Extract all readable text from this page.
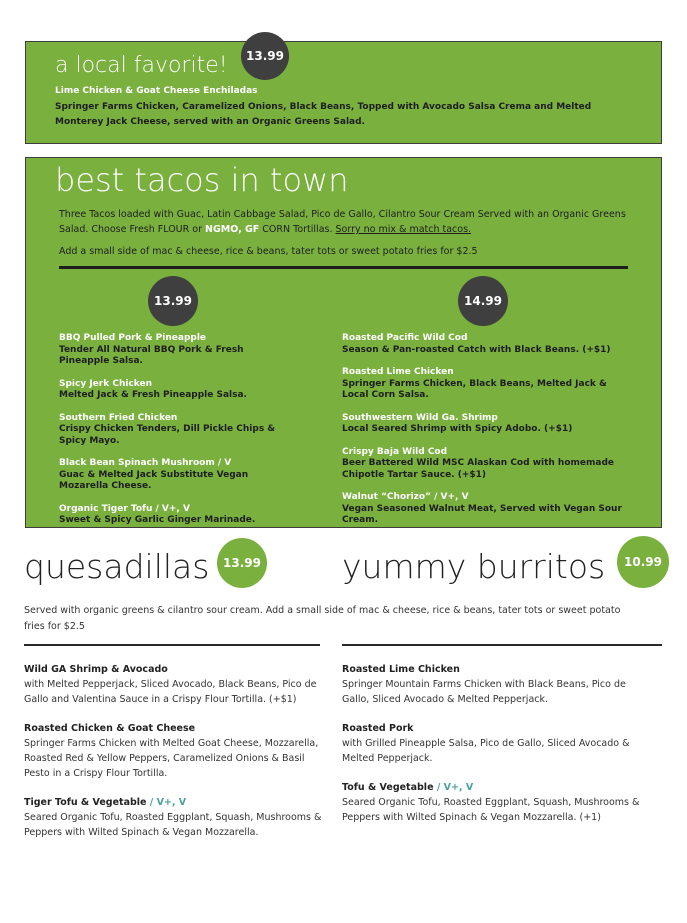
a local favorite!
Lime Chicken & Goat Cheese Enchiladas
Springer Farms Chicken, Caramelized Onions, Black Beans, Topped with Avocado Salsa Crema and Melted Monterey Jack Cheese, served with an Organic Greens Salad.
13.99
best tacos in town
Three Tacos loaded with Guac, Latin Cabbage Salad, Pico de Gallo, Cilantro Sour Cream Served with an Organic Greens Salad. Choose Fresh FLOUR or NGMO, GF CORN Tortillas. Sorry no mix & match tacos.
Add a small side of mac & cheese, rice & beans, tater tots or sweet potato fries for $2.5
BBQ Pulled Pork & Pineapple
Tender All Natural BBQ Pork & Fresh Pineapple Salsa.
Spicy Jerk Chicken
Melted Jack & Fresh Pineapple Salsa.
Southern Fried Chicken
Crispy Chicken Tenders, Dill Pickle Chips & Spicy Mayo.
Black Bean Spinach Mushroom / V
Guac & Melted Jack Substitute Vegan Mozarella Cheese.
Organic Tiger Tofu / V+, V
Sweet & Spicy Garlic Ginger Marinade.
Roasted Pacific Wild Cod
Season & Pan-roasted Catch with Black Beans. (+$1)
Roasted Lime Chicken
Springer Farms Chicken, Black Beans, Melted Jack & Local Corn Salsa.
Southwestern Wild Ga. Shrimp
Local Seared Shrimp with Spicy Adobo. (+$1)
Crispy Baja Wild Cod
Beer Battered Wild MSC Alaskan Cod with homemade Chipotle Tartar Sauce. (+$1)
Walnut “Chorizo” / V+, V
Vegan Seasoned Walnut Meat, Served with Vegan Sour Cream.
13.99	14.99
quesadillas	13.99 yummy burritos	10.99
Served with organic greens & cilantro sour cream. Add a small side of mac & cheese, rice & beans, tater tots or sweet potato fries for $2.5
Wild GA Shrimp & Avocado
with Melted Pepperjack, Sliced Avocado, Black Beans, Pico de Gallo and Valentina Sauce in a Crispy Flour Tortilla. (+$1)
Roasted Chicken & Goat Cheese
Springer Farms Chicken with Melted Goat Cheese, Mozzarella, Roasted Red & Yellow Peppers, Caramelized Onions & Basil Pesto in a Crispy Flour Tortilla.
Tiger Tofu & Vegetable / V+, V
Seared Organic Tofu, Roasted Eggplant, Squash, Mushrooms & Peppers with Wilted Spinach & Vegan Mozzarella.
Roasted Lime Chicken
Springer Mountain Farms Chicken with Black Beans, Pico de Gallo, Sliced Avocado & Melted Pepperjack.
Roasted Pork
with Grilled Pineapple Salsa, Pico de Gallo, Sliced Avocado & Melted Pepperjack.
Tofu & Vegetable / V+, V
Seared Organic Tofu, Roasted Eggplant, Squash, Mushrooms & Peppers with Wilted Spinach & Vegan Mozzarella. (+1)
